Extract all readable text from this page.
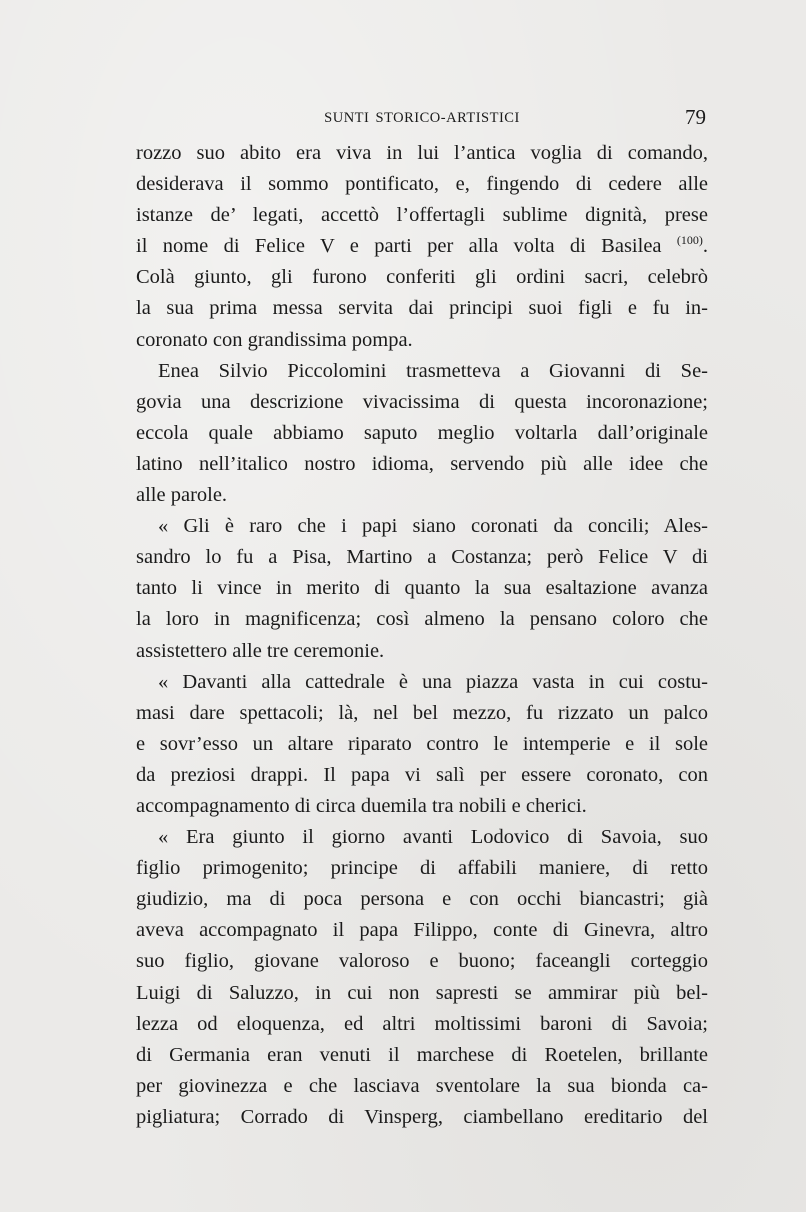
SUNTI STORICO-ARTISTICI	79
rozzo suo abito era viva in lui l’antica voglia di comando,
desiderava il sommo pontificato, e, fingendo di cedere alle
istanze de’ legati, accettò l’offertagli sublime dignità, prese
il nome di Felice V e parti per alla volta di Basilea $^{(100)}$.
Colà giunto, gli furono conferiti gli ordini sacri, celebrò
la sua prima messa servita dai principi suoi figli e fu in-
coronato con grandissima pompa.
Enea Silvio Piccolomini trasmetteva a Giovanni di Se-
govia una descrizione vivacissima di questa incoronazione;
eccola quale abbiamo saputo meglio voltarla dall’originale
latino nell’italico nostro idioma, servendo più alle idee che
alle parole.
« Gli è raro che i papi siano coronati da concili; Ales-
sandro lo fu a Pisa, Martino a Costanza; però Felice V di
tanto li vince in merito di quanto la sua esaltazione avanza
la loro in magnificenza; così almeno la pensano coloro che
assistettero alle tre ceremonie.
« Davanti alla cattedrale è una piazza vasta in cui costu-
masi dare spettacoli; là, nel bel mezzo, fu rizzato un palco
e sovr’esso un altare riparato contro le intemperie e il sole
da preziosi drappi. Il papa vi salì per essere coronato, con
accompagnamento di circa duemila tra nobili e cherici.
« Era giunto il giorno avanti Lodovico di Savoia, suo
figlio primogenito; principe di affabili maniere, di retto
giudizio, ma di poca persona e con occhi biancastri; già
aveva accompagnato il papa Filippo, conte di Ginevra, altro
suo figlio, giovane valoroso e buono; faceangli corteggio
Luigi di Saluzzo, in cui non sapresti se ammirar più bel-
lezza od eloquenza, ed altri moltissimi baroni di Savoia;
di Germania eran venuti il marchese di Roetelen, brillante
per giovinezza e che lasciava sventolare la sua bionda ca-
pigliatura; Corrado di Vinsperg, ciambellano ereditario del
